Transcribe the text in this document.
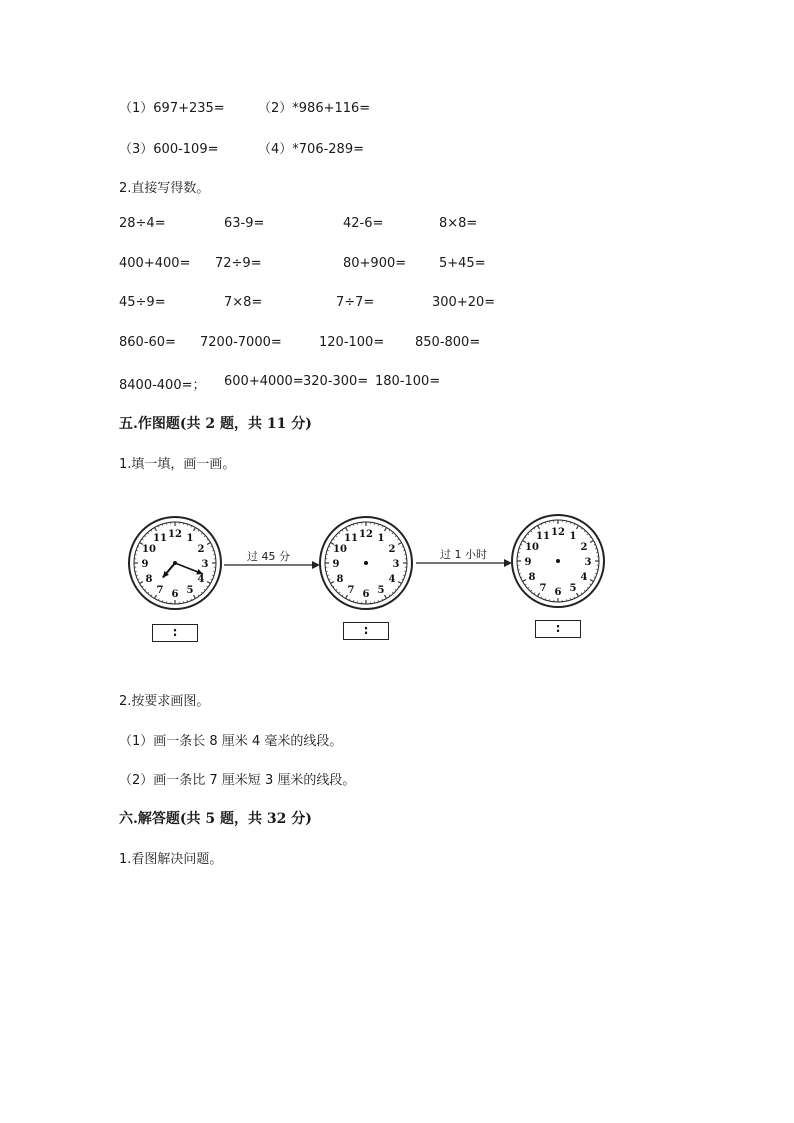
（1）697+235=	（2）*986+116=
（3）600-109=	（4）*706-289=
2.直接写得数。
28÷4=	63-9=	42-6=	8×8=
400+400= 72÷9=	80+900=	5+45=
45÷9=	7×8=	7÷7=	300+20=
860-60= 7200-7000=	120-100= 850-800=
8400-400=； 600+4000= 320-300= 180-100=
五.作图题(共 2 题，共 11 分)
1.填一填，画一画。
12 1
2
3
4
5
6
7
8
9
10
11	12 1
2
3
4
5
6
7
8
9
10
11
12 1
2
3
4
5
6
7
8
9
10
11
过 45 分	过 1 小时
:	:	:
2.按要求画图。
（1）画一条长 8 厘米 4 毫米的线段。
（2）画一条比 7 厘米短 3 厘米的线段。
六.解答题(共 5 题，共 32 分)
1.看图解决问题。
